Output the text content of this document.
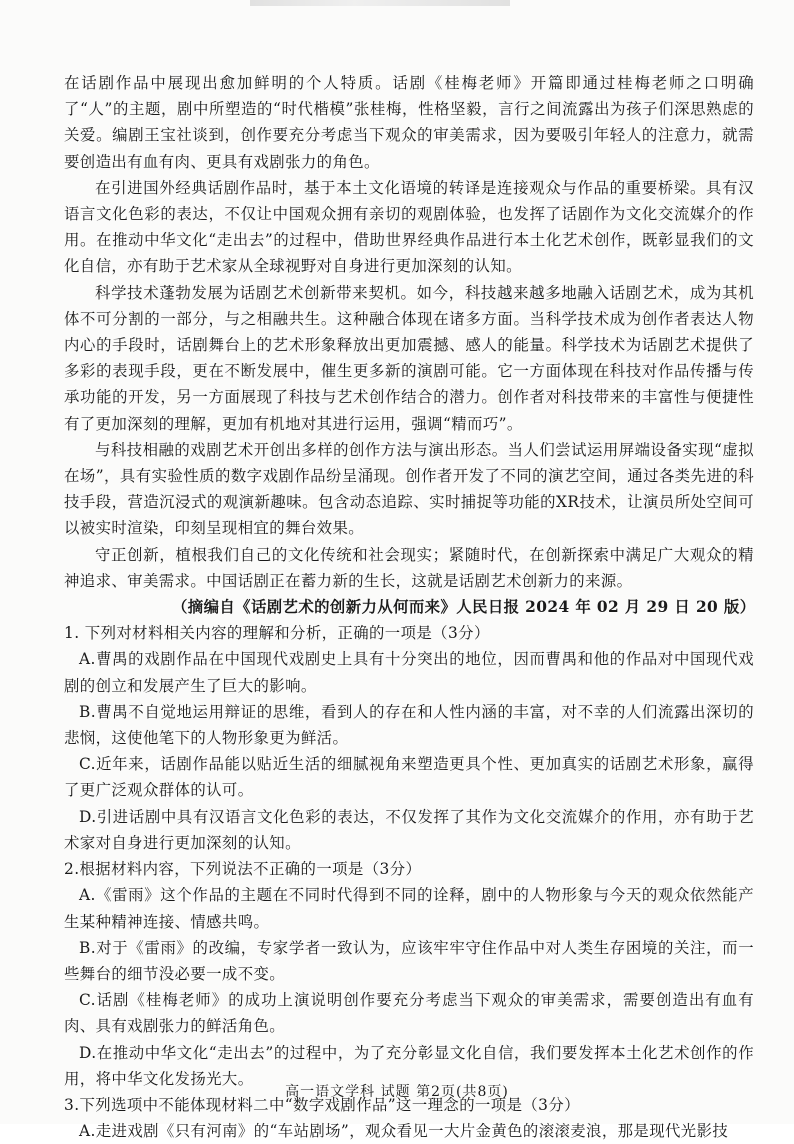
在话剧作品中展现出愈加鲜明的个人特质。话剧《桂梅老师》开篇即通过桂梅老师之口明确了“人”的主题，剧中所塑造的“时代楷模”张桂梅，性格坚毅，言行之间流露出为孩子们深思熟虑的关爱。编剧王宝社谈到，创作要充分考虑当下观众的审美需求，因为要吸引年轻人的注意力，就需要创造出有血有肉、更具有戏剧张力的角色。

在引进国外经典话剧作品时，基于本土文化语境的转译是连接观众与作品的重要桥梁。具有汉语言文化色彩的表达，不仅让中国观众拥有亲切的观剧体验，也发挥了话剧作为文化交流媒介的作用。在推动中华文化“走出去”的过程中，借助世界经典作品进行本土化艺术创作，既彰显我们的文化自信，亦有助于艺术家从全球视野对自身进行更加深刻的认知。

科学技术蓬勃发展为话剧艺术创新带来契机。如今，科技越来越多地融入话剧艺术，成为其机体不可分割的一部分，与之相融共生。这种融合体现在诸多方面。当科学技术成为创作者表达人物内心的手段时，话剧舞台上的艺术形象释放出更加震撼、感人的能量。科学技术为话剧艺术提供了多彩的表现手段，更在不断发展中，催生更多新的演剧可能。它一方面体现在科技对作品传播与传承功能的开发，另一方面展现了科技与艺术创作结合的潜力。创作者对科技带来的丰富性与便捷性有了更加深刻的理解，更加有机地对其进行运用，强调“精而巧”。

与科技相融的戏剧艺术开创出多样的创作方法与演出形态。当人们尝试运用屏端设备实现“虚拟在场”，具有实验性质的数字戏剧作品纷呈涌现。创作者开发了不同的演艺空间，通过各类先进的科技手段，营造沉浸式的观演新趣味。包含动态追踪、实时捕捉等功能的XR技术，让演员所处空间可以被实时渲染，印刻呈现相宜的舞台效果。

守正创新，植根我们自己的文化传统和社会现实；紧随时代，在创新探索中满足广大观众的精神追求、审美需求。中国话剧正在蓄力新的生长，这就是话剧艺术创新力的来源。

（摘编自《话剧艺术的创新力从何而来》人民日报 2024 年 02 月 29 日 20 版）

1. 下列对材料相关内容的理解和分析，正确的一项是（3分）

A.曹禺的戏剧作品在中国现代戏剧史上具有十分突出的地位，因而曹禺和他的作品对中国现代戏剧的创立和发展产生了巨大的影响。

B.曹禺不自觉地运用辩证的思维，看到人的存在和人性内涵的丰富，对不幸的人们流露出深切的悲悯，这使他笔下的人物形象更为鲜活。

C.近年来，话剧作品能以贴近生活的细腻视角来塑造更具个性、更加真实的话剧艺术形象，赢得了更广泛观众群体的认可。

D.引进话剧中具有汉语言文化色彩的表达，不仅发挥了其作为文化交流媒介的作用，亦有助于艺术家对自身进行更加深刻的认知。

2.根据材料内容，下列说法不正确的一项是（3分）

A.《雷雨》这个作品的主题在不同时代得到不同的诠释，剧中的人物形象与今天的观众依然能产生某种精神连接、情感共鸣。

B.对于《雷雨》的改编，专家学者一致认为，应该牢牢守住作品中对人类生存困境的关注，而一些舞台的细节没必要一成不变。

C.话剧《桂梅老师》的成功上演说明创作要充分考虑当下观众的审美需求，需要创造出有血有肉、具有戏剧张力的鲜活角色。

D.在推动中华文化“走出去”的过程中，为了充分彰显文化自信，我们要发挥本土化艺术创作的作用，将中华文化发扬光大。

3.下列选项中不能体现材料二中“数字戏剧作品”这一理念的一项是（3分）

A.走进戏剧《只有河南》的“车站剧场”，观众看见一大片金黄色的滚滚麦浪，那是现代光影技

高一语文学科 试题 第2页(共8页)
